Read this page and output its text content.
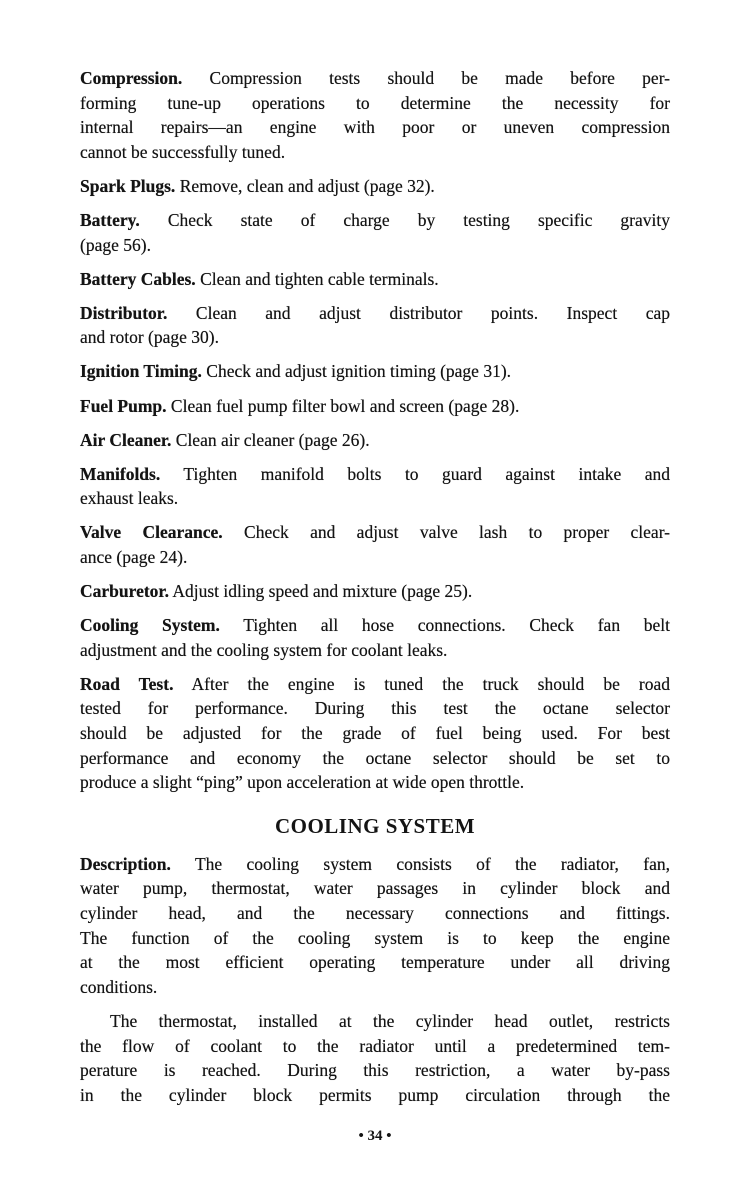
Compression. Compression tests should be made before per-
forming tune-up operations to determine the necessity for
internal repairs—an engine with poor or uneven compression
cannot be successfully tuned.
Spark Plugs. Remove, clean and adjust (page 32).
Battery. Check state of charge by testing specific gravity
(page 56).
Battery Cables. Clean and tighten cable terminals.
Distributor. Clean and adjust distributor points. Inspect cap
and rotor (page 30).
Ignition Timing. Check and adjust ignition timing (page 31).
Fuel Pump. Clean fuel pump filter bowl and screen (page 28).
Air Cleaner. Clean air cleaner (page 26).
Manifolds. Tighten manifold bolts to guard against intake and
exhaust leaks.
Valve Clearance. Check and adjust valve lash to proper clear-
ance (page 24).
Carburetor. Adjust idling speed and mixture (page 25).
Cooling System. Tighten all hose connections. Check fan belt
adjustment and the cooling system for coolant leaks.
Road Test. After the engine is tuned the truck should be road
tested for performance. During this test the octane selector
should be adjusted for the grade of fuel being used. For best
performance and economy the octane selector should be set to
produce a slight “ping” upon acceleration at wide open throttle.
COOLING SYSTEM
Description. The cooling system consists of the radiator, fan,
water pump, thermostat, water passages in cylinder block and
cylinder head, and the necessary connections and fittings.
The function of the cooling system is to keep the engine
at the most efficient operating temperature under all driving
conditions.
The thermostat, installed at the cylinder head outlet, restricts
the flow of coolant to the radiator until a predetermined tem-
perature is reached. During this restriction, a water by-pass
in the cylinder block permits pump circulation through the
• 34 •
